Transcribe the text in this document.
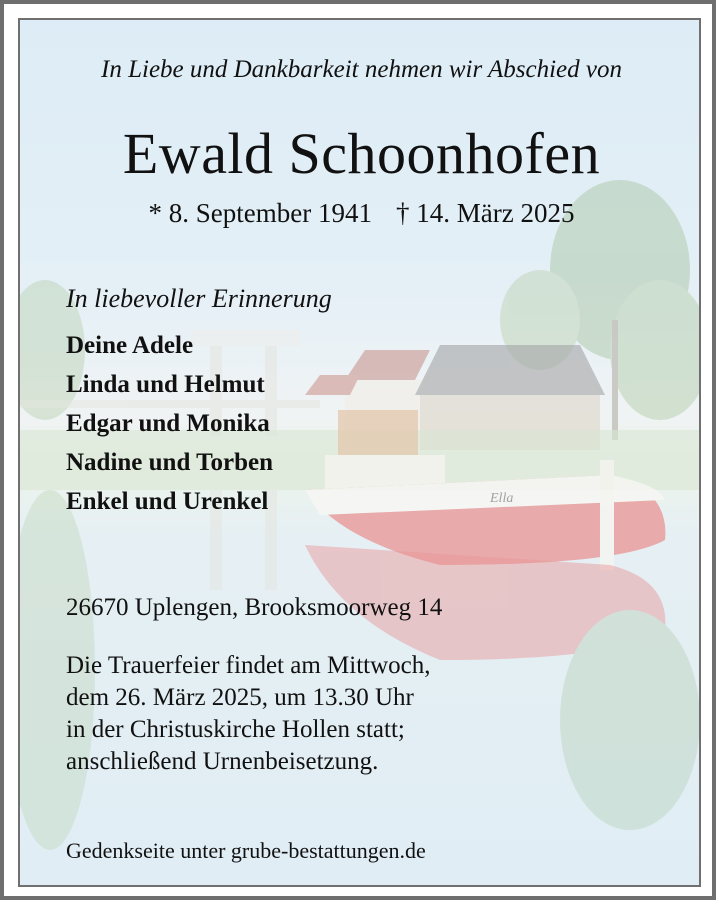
Ella
In Liebe und Dankbarkeit nehmen wir Abschied von
Ewald Schoonhofen
* 8. September 1941 † 14. März 2025
In liebevoller Erinnerung
Deine Adele
Linda und Helmut
Edgar und Monika
Nadine und Torben
Enkel und Urenkel
26670 Uplengen, Brooksmoorweg 14
Die Trauerfeier findet am Mittwoch,
dem 26. März 2025, um 13.30 Uhr
in der Christuskirche Hollen statt;
anschließend Urnenbeisetzung.
Gedenkseite unter grube-bestattungen.de
